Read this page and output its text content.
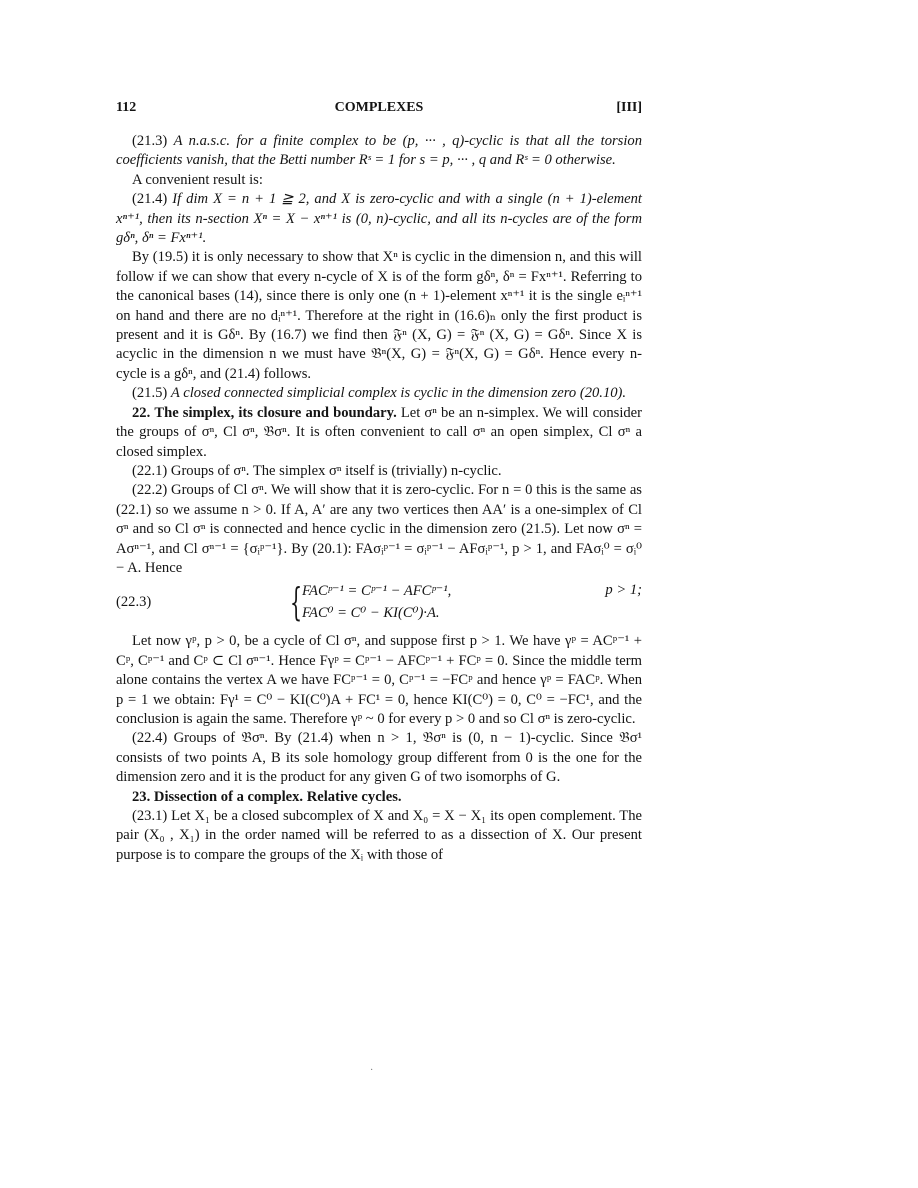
112	COMPLEXES	[III]

(21.3) A n.a.s.c. for a finite complex to be (p, ··· , q)-cyclic is that all the torsion coefficients vanish, that the Betti number Rˢ = 1 for s = p, ··· , q and Rˢ = 0 otherwise.

A convenient result is:

(21.4) If dim X = n + 1 ≧ 2, and X is zero-cyclic and with a single (n + 1)-element xⁿ⁺¹, then its n-section Xⁿ = X − xⁿ⁺¹ is (0, n)-cyclic, and all its n-cycles are of the form gδⁿ, δⁿ = Fxⁿ⁺¹.

By (19.5) it is only necessary to show that Xⁿ is cyclic in the dimension n, and this will follow if we can show that every n-cycle of X is of the form gδⁿ, δⁿ = Fxⁿ⁺¹. Referring to the canonical bases (14), since there is only one (n + 1)-element xⁿ⁺¹ it is the single eᵢⁿ⁺¹ on hand and there are no dᵢⁿ⁺¹. Therefore at the right in (16.6)ₙ only the first product is present and it is Gδⁿ. By (16.7) we find then 𝔉ⁿ (X, G) = 𝔉ⁿ (X, G) = Gδⁿ. Since X is acyclic in the dimension n we must have 𝔅ⁿ(X, G) = 𝔉ⁿ(X, G) = Gδⁿ. Hence every n-cycle is a gδⁿ, and (21.4) follows.

(21.5) A closed connected simplicial complex is cyclic in the dimension zero (20.10).

22. The simplex, its closure and boundary. Let σⁿ be an n-simplex. We will consider the groups of σⁿ, Cl σⁿ, 𝔅σⁿ. It is often convenient to call σⁿ an open simplex, Cl σⁿ a closed simplex.

(22.1) Groups of σⁿ. The simplex σⁿ itself is (trivially) n-cyclic.

(22.2) Groups of Cl σⁿ. We will show that it is zero-cyclic. For n = 0 this is the same as (22.1) so we assume n > 0. If A, A′ are any two vertices then AA′ is a one-simplex of Cl σⁿ and so Cl σⁿ is connected and hence cyclic in the dimension zero (21.5). Let now σⁿ = Aσⁿ⁻¹, and Cl σⁿ⁻¹ = {σᵢᵖ⁻¹}. By (20.1): FAσᵢᵖ⁻¹ = σᵢᵖ⁻¹ − AFσᵢᵖ⁻¹, p > 1, and FAσᵢ⁰ = σᵢ⁰ − A. Hence

(22.3)	{ FACᵖ⁻¹ = Cᵖ⁻¹ − AFCᵖ⁻¹,	p > 1;
FAC⁰ = C⁰ − KI(C⁰)·A.

Let now γᵖ, p > 0, be a cycle of Cl σⁿ, and suppose first p > 1. We have γᵖ = ACᵖ⁻¹ + Cᵖ, Cᵖ⁻¹ and Cᵖ ⊂ Cl σⁿ⁻¹. Hence Fγᵖ = Cᵖ⁻¹ − AFCᵖ⁻¹ + FCᵖ = 0. Since the middle term alone contains the vertex A we have FCᵖ⁻¹ = 0, Cᵖ⁻¹ = −FCᵖ and hence γᵖ = FACᵖ. When p = 1 we obtain: Fγ¹ = C⁰ − KI(C⁰)A + FC¹ = 0, hence KI(C⁰) = 0, C⁰ = −FC¹, and the conclusion is again the same. Therefore γᵖ ~ 0 for every p > 0 and so Cl σⁿ is zero-cyclic.

(22.4) Groups of 𝔅σⁿ. By (21.4) when n > 1, 𝔅σⁿ is (0, n − 1)-cyclic. Since 𝔅σ¹ consists of two points A, B its sole homology group different from 0 is the one for the dimension zero and it is the product for any given G of two isomorphs of G.

23. Dissection of a complex. Relative cycles.

(23.1) Let X₁ be a closed subcomplex of X and X₀ = X − X₁ its open complement. The pair (X₀ , X₁) in the order named will be referred to as a dissection of X. Our present purpose is to compare the groups of the Xᵢ with those of

·
